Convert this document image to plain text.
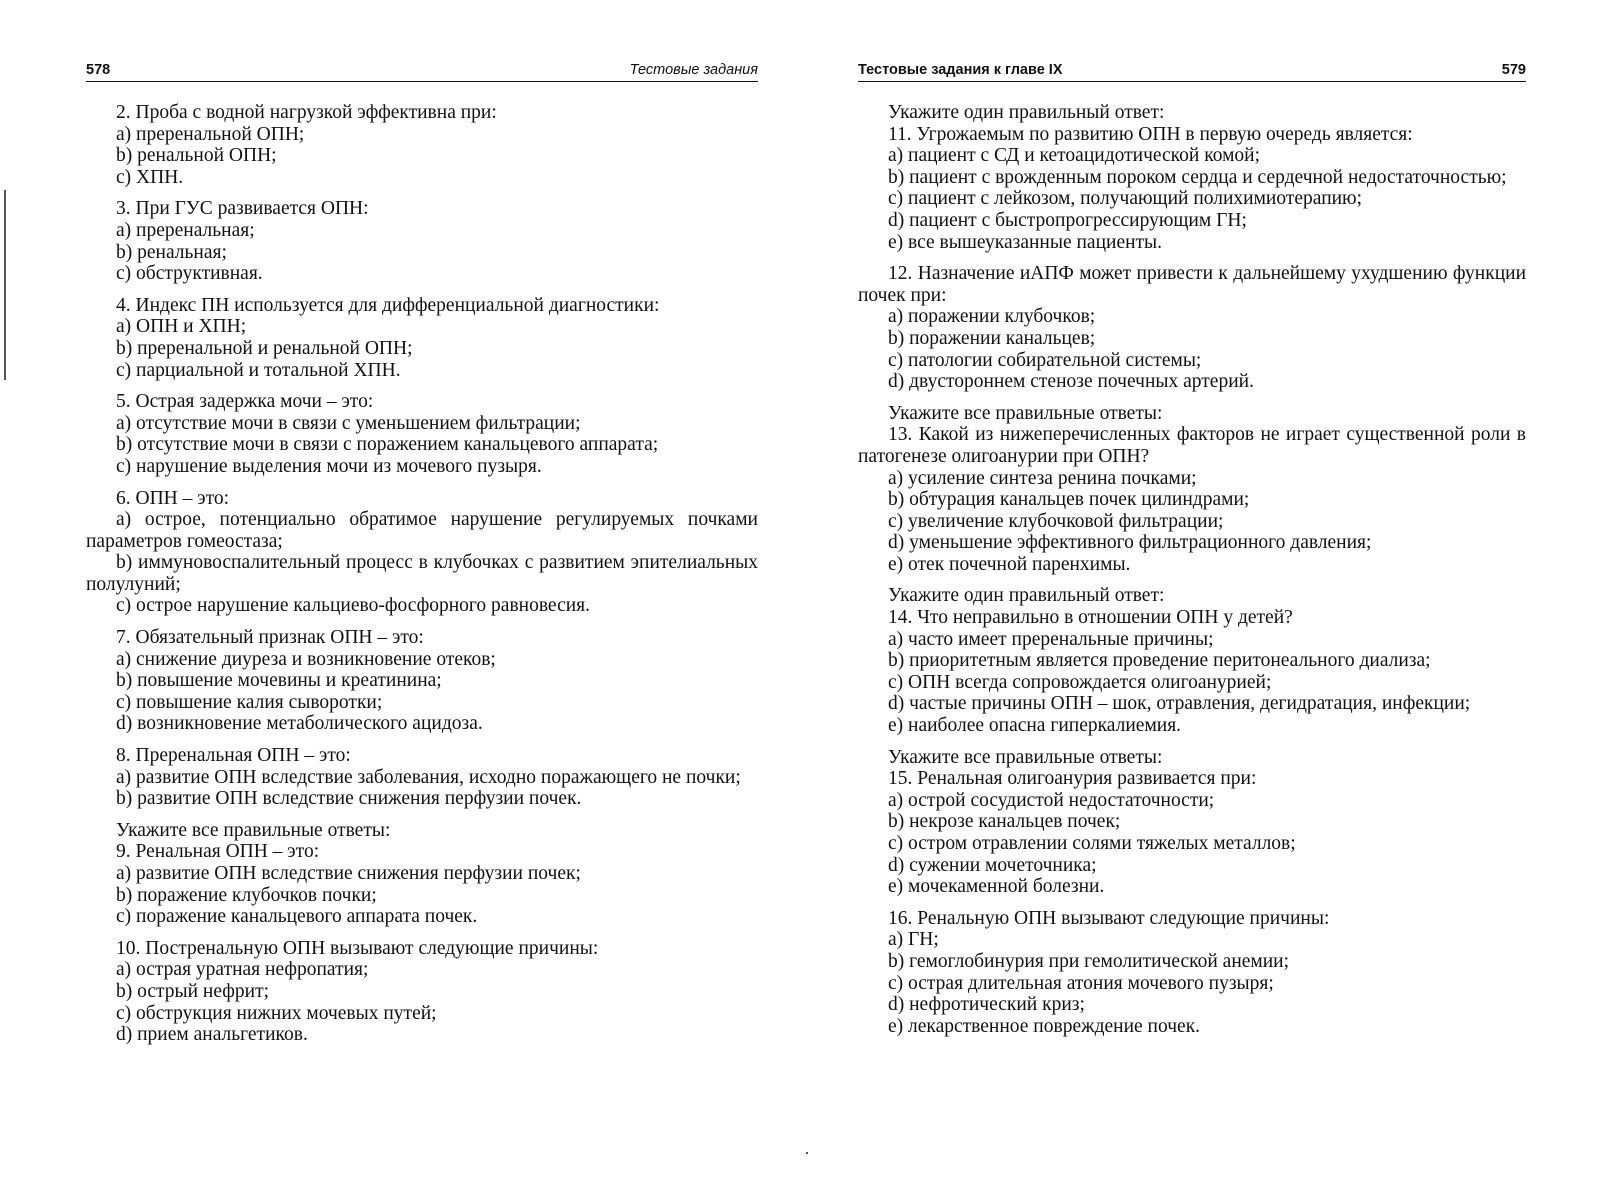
578	Тестовые задания
2. Проба с водной нагрузкой эффективна при:
a) преренальной ОПН;
b) ренальной ОПН;
c) ХПН.
3. При ГУС развивается ОПН:
a) преренальная;
b) ренальная;
c) обструктивная.
4. Индекс ПН используется для дифференциальной диагностики:
a) ОПН и ХПН;
b) преренальной и ренальной ОПН;
c) парциальной и тотальной ХПН.
5. Острая задержка мочи – это:
a) отсутствие мочи в связи с уменьшением фильтрации;
b) отсутствие мочи в связи с поражением канальцевого аппарата;
c) нарушение выделения мочи из мочевого пузыря.
6. ОПН – это:
a) острое, потенциально обратимое нарушение регулируемых почками параметров гомеостаза;
b) иммуновоспалительный процесс в клубочках с развитием эпителиальных полулуний;
c) острое нарушение кальциево-фосфорного равновесия.
7. Обязательный признак ОПН – это:
a) снижение диуреза и возникновение отеков;
b) повышение мочевины и креатинина;
c) повышение калия сыворотки;
d) возникновение метаболического ацидоза.
8. Преренальная ОПН – это:
a) развитие ОПН вследствие заболевания, исходно поражающего не почки;
b) развитие ОПН вследствие снижения перфузии почек.
Укажите все правильные ответы:
9. Ренальная ОПН – это:
a) развитие ОПН вследствие снижения перфузии почек;
b) поражение клубочков почки;
c) поражение канальцевого аппарата почек.
10. Постренальную ОПН вызывают следующие причины:
a) острая уратная нефропатия;
b) острый нефрит;
c) обструкция нижних мочевых путей;
d) прием анальгетиков.
Тестовые задания к главе IX	579
Укажите один правильный ответ:
11. Угрожаемым по развитию ОПН в первую очередь является:
a) пациент с СД и кетоацидотической комой;
b) пациент с врожденным пороком сердца и сердечной недостаточностью;
c) пациент с лейкозом, получающий полихимиотерапию;
d) пациент с быстропрогрессирующим ГН;
e) все вышеуказанные пациенты.
12. Назначение иАПФ может привести к дальнейшему ухудшению функции почек при:
a) поражении клубочков;
b) поражении канальцев;
c) патологии собирательной системы;
d) двустороннем стенозе почечных артерий.
Укажите все правильные ответы:
13. Какой из нижеперечисленных факторов не играет существенной роли в патогенезе олигоанурии при ОПН?
a) усиление синтеза ренина почками;
b) обтурация канальцев почек цилиндрами;
c) увеличение клубочковой фильтрации;
d) уменьшение эффективного фильтрационного давления;
e) отек почечной паренхимы.
Укажите один правильный ответ:
14. Что неправильно в отношении ОПН у детей?
a) часто имеет преренальные причины;
b) приоритетным является проведение перитонеального диализа;
c) ОПН всегда сопровождается олигоанурией;
d) частые причины ОПН – шок, отравления, дегидратация, инфекции;
e) наиболее опасна гиперкалиемия.
Укажите все правильные ответы:
15. Ренальная олигоанурия развивается при:
a) острой сосудистой недостаточности;
b) некрозе канальцев почек;
c) остром отравлении солями тяжелых металлов;
d) сужении мочеточника;
e) мочекаменной болезни.
16. Ренальную ОПН вызывают следующие причины:
a) ГН;
b) гемоглобинурия при гемолитической анемии;
c) острая длительная атония мочевого пузыря;
d) нефротический криз;
e) лекарственное повреждение почек.
